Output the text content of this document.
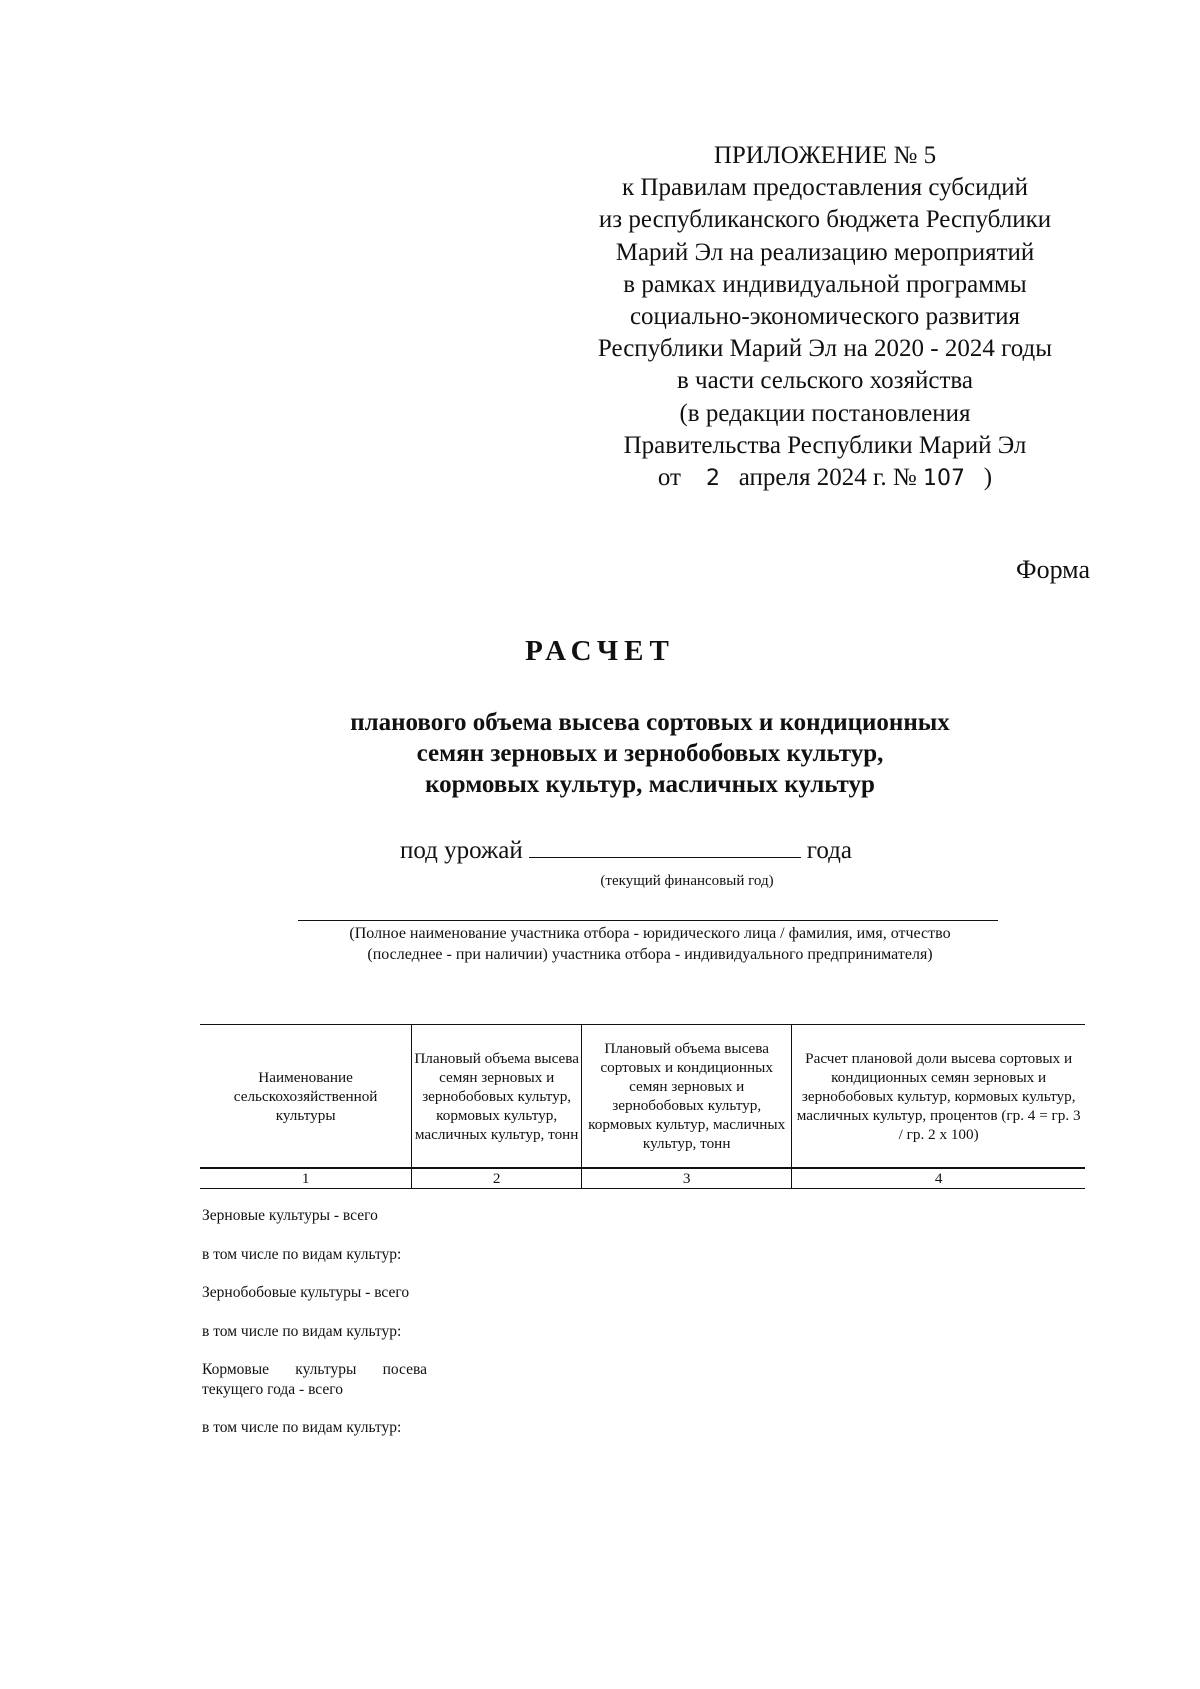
ПРИЛОЖЕНИЕ № 5
к Правилам предоставления субсидий
из республиканского бюджета Республики
Марий Эл на реализацию мероприятий
в рамках индивидуальной программы
социально-экономического развития
Республики Марий Эл на 2020 - 2024 годы
в части сельского хозяйства
(в редакции постановления
Правительства Республики Марий Эл
от 2 апреля 2024 г. № 107 )
Форма
РАСЧЕТ
планового объема высева сортовых и кондиционных
семян зерновых и зернобобовых культур,
кормовых культур, масличных культур
под урожай	года
(текущий финансовый год)
(Полное наименование участника отбора - юридического лица / фамилия, имя, отчество
(последнее - при наличии) участника отбора - индивидуального предпринимателя)
Наименование сельскохозяйственной культуры	Плановый объема высева семян зерновых и зернобобовых культур, кормовых культур, масличных культур, тонн	Плановый объема высева сортовых и кондиционных семян зерновых и зернобобовых культур, кормовых культур, масличных культур, тонн	Расчет плановой доли высева сортовых и кондиционных семян зерновых и зернобобовых культур, кормовых культур, масличных культур, процентов (гр. 4 = гр. 3 / гр. 2 х 100)
1	2	3	4
Зерновые культуры - всего
в том числе по видам культур:
Зернобобовые культуры - всего
в том числе по видам культур:
Кормовые культуры посева текущего года - всего
в том числе по видам культур:
